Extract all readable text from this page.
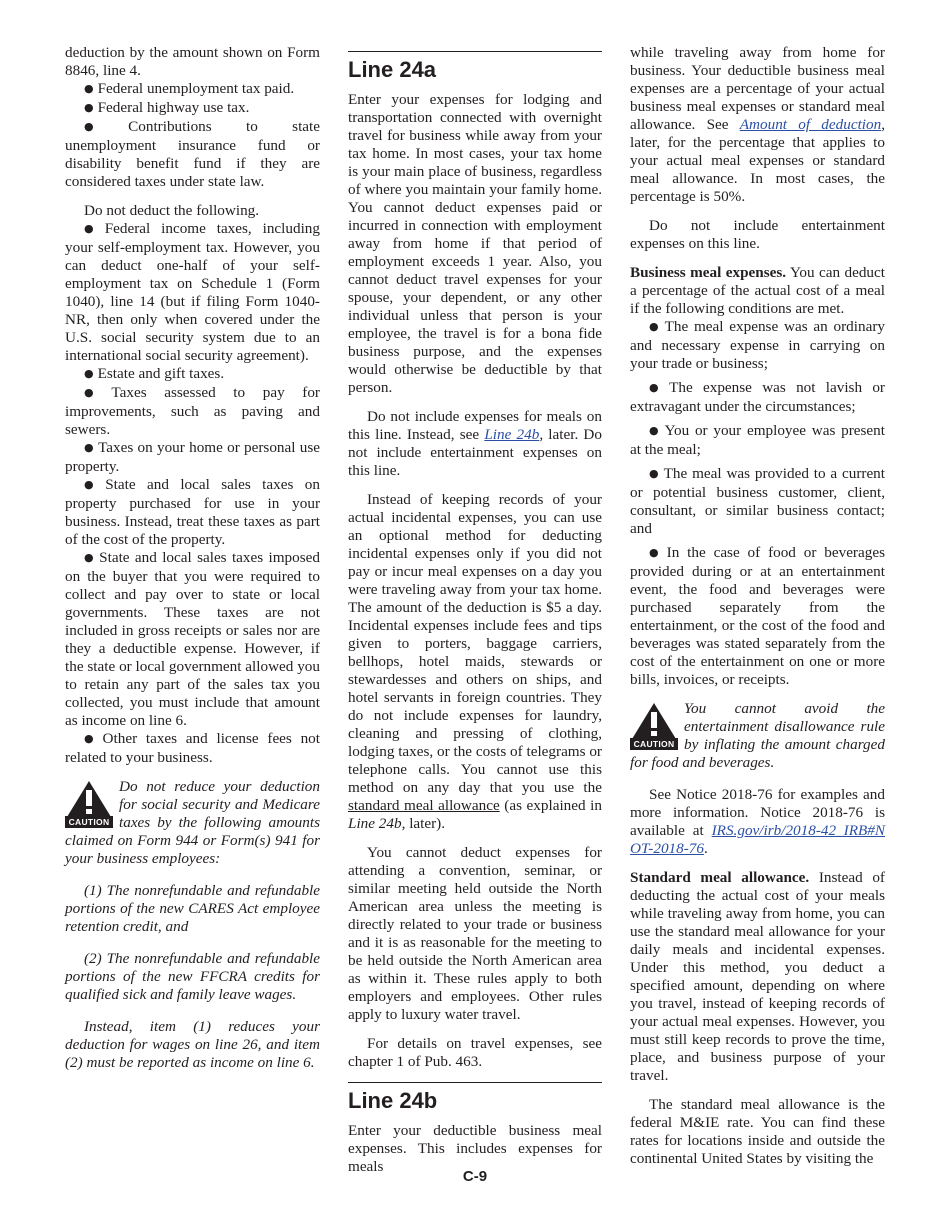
deduction by the amount shown on Form 8846, line 4.

● Federal unemployment tax paid.
● Federal highway use tax.
● Contributions to state unemployment insurance fund or disability benefit fund if they are considered taxes under state law.

Do not deduct the following.

● Federal income taxes, including your self-employment tax. However, you can deduct one-half of your self-employment tax on Schedule 1 (Form 1040), line 14 (but if filing Form 1040-NR, then only when covered under the U.S. social security system due to an international social security agreement).
● Estate and gift taxes.
● Taxes assessed to pay for improvements, such as paving and sewers.
● Taxes on your home or personal use property.
● State and local sales taxes on property purchased for use in your business. Instead, treat these taxes as part of the cost of the property.
● State and local sales taxes imposed on the buyer that you were required to collect and pay over to state or local governments. These taxes are not included in gross receipts or sales nor are they a deductible expense. However, if the state or local government allowed you to retain any part of the sales tax you collected, you must include that amount as income on line 6.
● Other taxes and license fees not related to your business.
CAUTION

Do not reduce your deduction for social security and Medicare taxes by the following amounts claimed on Form 944 or Form(s) 941 for your business employees:

(1) The nonrefundable and refundable portions of the new CARES Act employee retention credit, and

(2) The nonrefundable and refundable portions of the new FFCRA credits for qualified sick and family leave wages.

Instead, item (1) reduces your deduction for wages on line 26, and item (2) must be reported as income on line 6.

Line 24a

Enter your expenses for lodging and transportation connected with overnight travel for business while away from your tax home. In most cases, your tax home is your main place of business, regardless of where you maintain your family home. You cannot deduct expenses paid or incurred in connection with employment away from home if that period of employment exceeds 1 year. Also, you cannot deduct travel expenses for your spouse, your dependent, or any other individual unless that person is your employee, the travel is for a bona fide business purpose, and the expenses would otherwise be deductible by that person.

Do not include expenses for meals on this line. Instead, see Line 24b, later. Do not include entertainment expenses on this line.

Instead of keeping records of your actual incidental expenses, you can use an optional method for deducting incidental expenses only if you did not pay or incur meal expenses on a day you were traveling away from your tax home. The amount of the deduction is $5 a day. Incidental expenses include fees and tips given to porters, baggage carriers, bellhops, hotel maids, stewards or stewardesses and others on ships, and hotel servants in foreign countries. They do not include expenses for laundry, cleaning and pressing of clothing, lodging taxes, or the costs of telegrams or telephone calls. You cannot use this method on any day that you use the standard meal allowance (as explained in Line 24b, later).

You cannot deduct expenses for attending a convention, seminar, or similar meeting held outside the North American area unless the meeting is directly related to your trade or business and it is as reasonable for the meeting to be held outside the North American area as within it. These rules apply to both employers and employees. Other rules apply to luxury water travel.

For details on travel expenses, see chapter 1 of Pub. 463.

Line 24b

Enter your deductible business meal expenses. This includes expenses for meals

while traveling away from home for business. Your deductible business meal expenses are a percentage of your actual business meal expenses or standard meal allowance. See Amount of deduction, later, for the percentage that applies to your actual meal expenses or standard meal allowance. In most cases, the percentage is 50%.

Do not include entertainment expenses on this line.

Business meal expenses. You can deduct a percentage of the actual cost of a meal if the following conditions are met.

● The meal expense was an ordinary and necessary expense in carrying on your trade or business;
● The expense was not lavish or extravagant under the circumstances;
● You or your employee was present at the meal;
● The meal was provided to a current or potential business customer, client, consultant, or similar business contact; and
● In the case of food or beverages provided during or at an entertainment event, the food and beverages were purchased separately from the entertainment, or the cost of the food and beverages was stated separately from the cost of the entertainment on one or more bills, invoices, or receipts.
CAUTION

You cannot avoid the entertainment disallowance rule by inflating the amount charged for food and beverages.

See Notice 2018-76 for examples and more information. Notice 2018-76 is available at IRS.gov/irb/2018-42_IRB#NOT-2018-76.

Standard meal allowance. Instead of deducting the actual cost of your meals while traveling away from home, you can use the standard meal allowance for your daily meals and incidental expenses. Under this method, you deduct a specified amount, depending on where you travel, instead of keeping records of your actual meal expenses. However, you must still keep records to prove the time, place, and business purpose of your travel.

The standard meal allowance is the federal M&IE rate. You can find these rates for locations inside and outside the continental United States by visiting the

C-9
